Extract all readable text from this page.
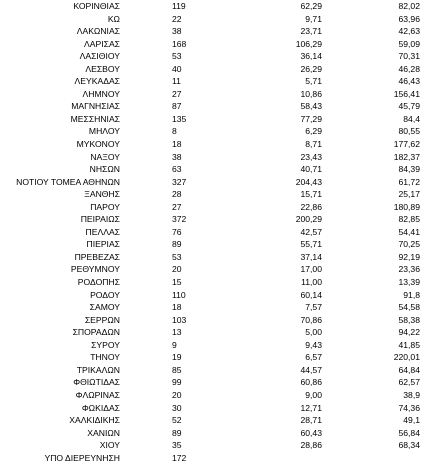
ΚΟΡΙΝΘΙΑΣ	119	62,29	82,02
ΚΩ	22	9,71	63,96
ΛΑΚΩΝΙΑΣ	38	23,71	42,63
ΛΑΡΙΣΑΣ	168	106,29	59,09
ΛΑΣΙΘΙΟΥ	53	36,14	70,31
ΛΕΣΒΟΥ	40	26,29	46,28
ΛΕΥΚΑΔΑΣ	11	5,71	46,43
ΛΗΜΝΟΥ	27	10,86	156,41
ΜΑΓΝΗΣΙΑΣ	87	58,43	45,79
ΜΕΣΣΗΝΙΑΣ	135	77,29	84,4
ΜΗΛΟΥ	8	6,29	80,55
ΜΥΚΟΝΟΥ	18	8,71	177,62
ΝΑΞΟΥ	38	23,43	182,37
ΝΗΣΩΝ	63	40,71	84,39
ΝΟΤΙΟΥ ΤΟΜΕΑ ΑΘΗΝΩΝ	327	204,43	61,72
ΞΑΝΘΗΣ	28	15,71	25,17
ΠΑΡΟΥ	27	22,86	180,89
ΠΕΙΡΑΙΩΣ	372	200,29	82,85
ΠΕΛΛΑΣ	76	42,57	54,41
ΠΙΕΡΙΑΣ	89	55,71	70,25
ΠΡΕΒΕΖΑΣ	53	37,14	92,19
ΡΕΘΥΜΝΟΥ	20	17,00	23,36
ΡΟΔΟΠΗΣ	15	11,00	13,39
ΡΟΔΟΥ	110	60,14	91,8
ΣΑΜΟΥ	18	7,57	54,58
ΣΕΡΡΩΝ	103	70,86	58,38
ΣΠΟΡΑΔΩΝ	13	5,00	94,22
ΣΥΡΟΥ	9	9,43	41,85
ΤΗΝΟΥ	19	6,57	220,01
ΤΡΙΚΑΛΩΝ	85	44,57	64,84
ΦΘΙΩΤΙΔΑΣ	99	60,86	62,57
ΦΛΩΡΙΝΑΣ	20	9,00	38,9
ΦΩΚΙΔΑΣ	30	12,71	74,36
ΧΑΛΚΙΔΙΚΗΣ	52	28,71	49,1
ΧΑΝΙΩΝ	89	60,43	56,84
ΧΙΟΥ	35	28,86	68,34
ΥΠΟ ΔΙΕΡΕΥΝΗΣΗ	172
